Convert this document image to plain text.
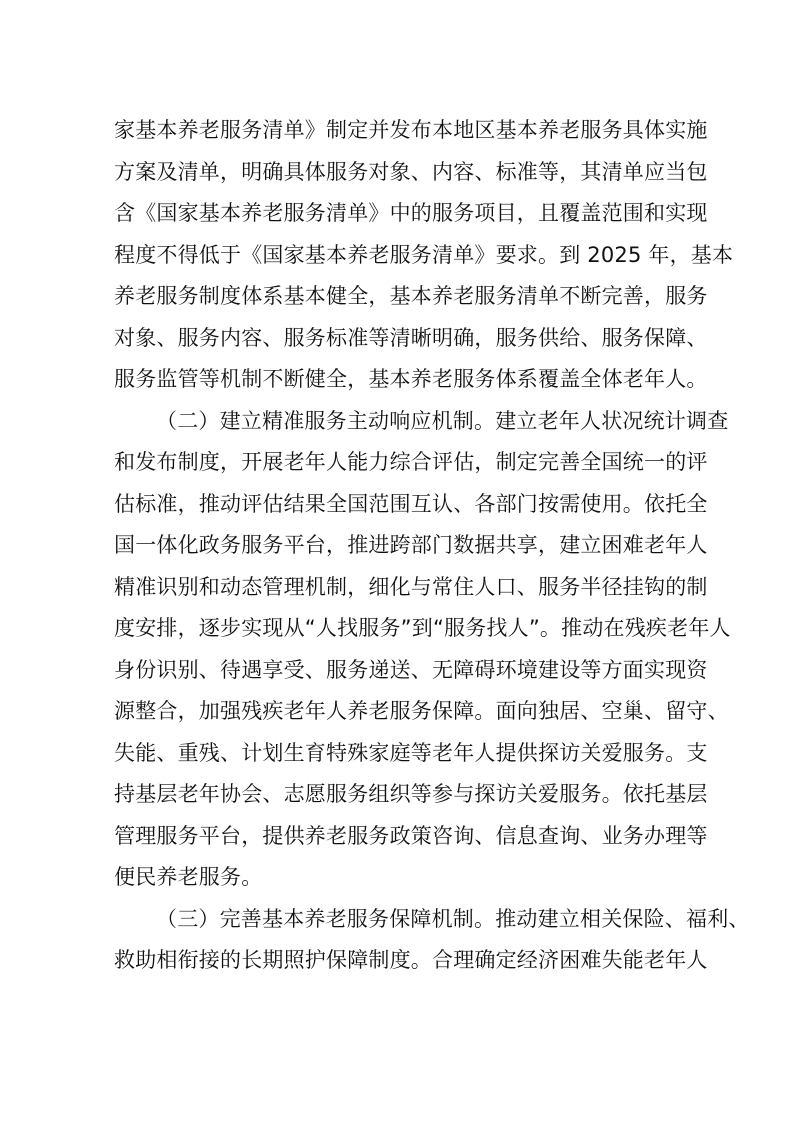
家基本养老服务清单》制定并发布本地区基本养老服务具体实施
方案及清单，明确具体服务对象、内容、标准等，其清单应当包
含《国家基本养老服务清单》中的服务项目，且覆盖范围和实现
程度不得低于《国家基本养老服务清单》要求。到 2025 年，基本
养老服务制度体系基本健全，基本养老服务清单不断完善，服务
对象、服务内容、服务标准等清晰明确，服务供给、服务保障、
服务监管等机制不断健全，基本养老服务体系覆盖全体老年人。
（二）建立精准服务主动响应机制。建立老年人状况统计调查
和发布制度，开展老年人能力综合评估，制定完善全国统一的评
估标准，推动评估结果全国范围互认、各部门按需使用。依托全
国一体化政务服务平台，推进跨部门数据共享，建立困难老年人
精准识别和动态管理机制，细化与常住人口、服务半径挂钩的制
度安排，逐步实现从“人找服务”到“服务找人”。推动在残疾老年人
身份识别、待遇享受、服务递送、无障碍环境建设等方面实现资
源整合，加强残疾老年人养老服务保障。面向独居、空巢、留守、
失能、重残、计划生育特殊家庭等老年人提供探访关爱服务。支
持基层老年协会、志愿服务组织等参与探访关爱服务。依托基层
管理服务平台，提供养老服务政策咨询、信息查询、业务办理等
便民养老服务。
（三）完善基本养老服务保障机制。推动建立相关保险、福利、
救助相衔接的长期照护保障制度。合理确定经济困难失能老年人
